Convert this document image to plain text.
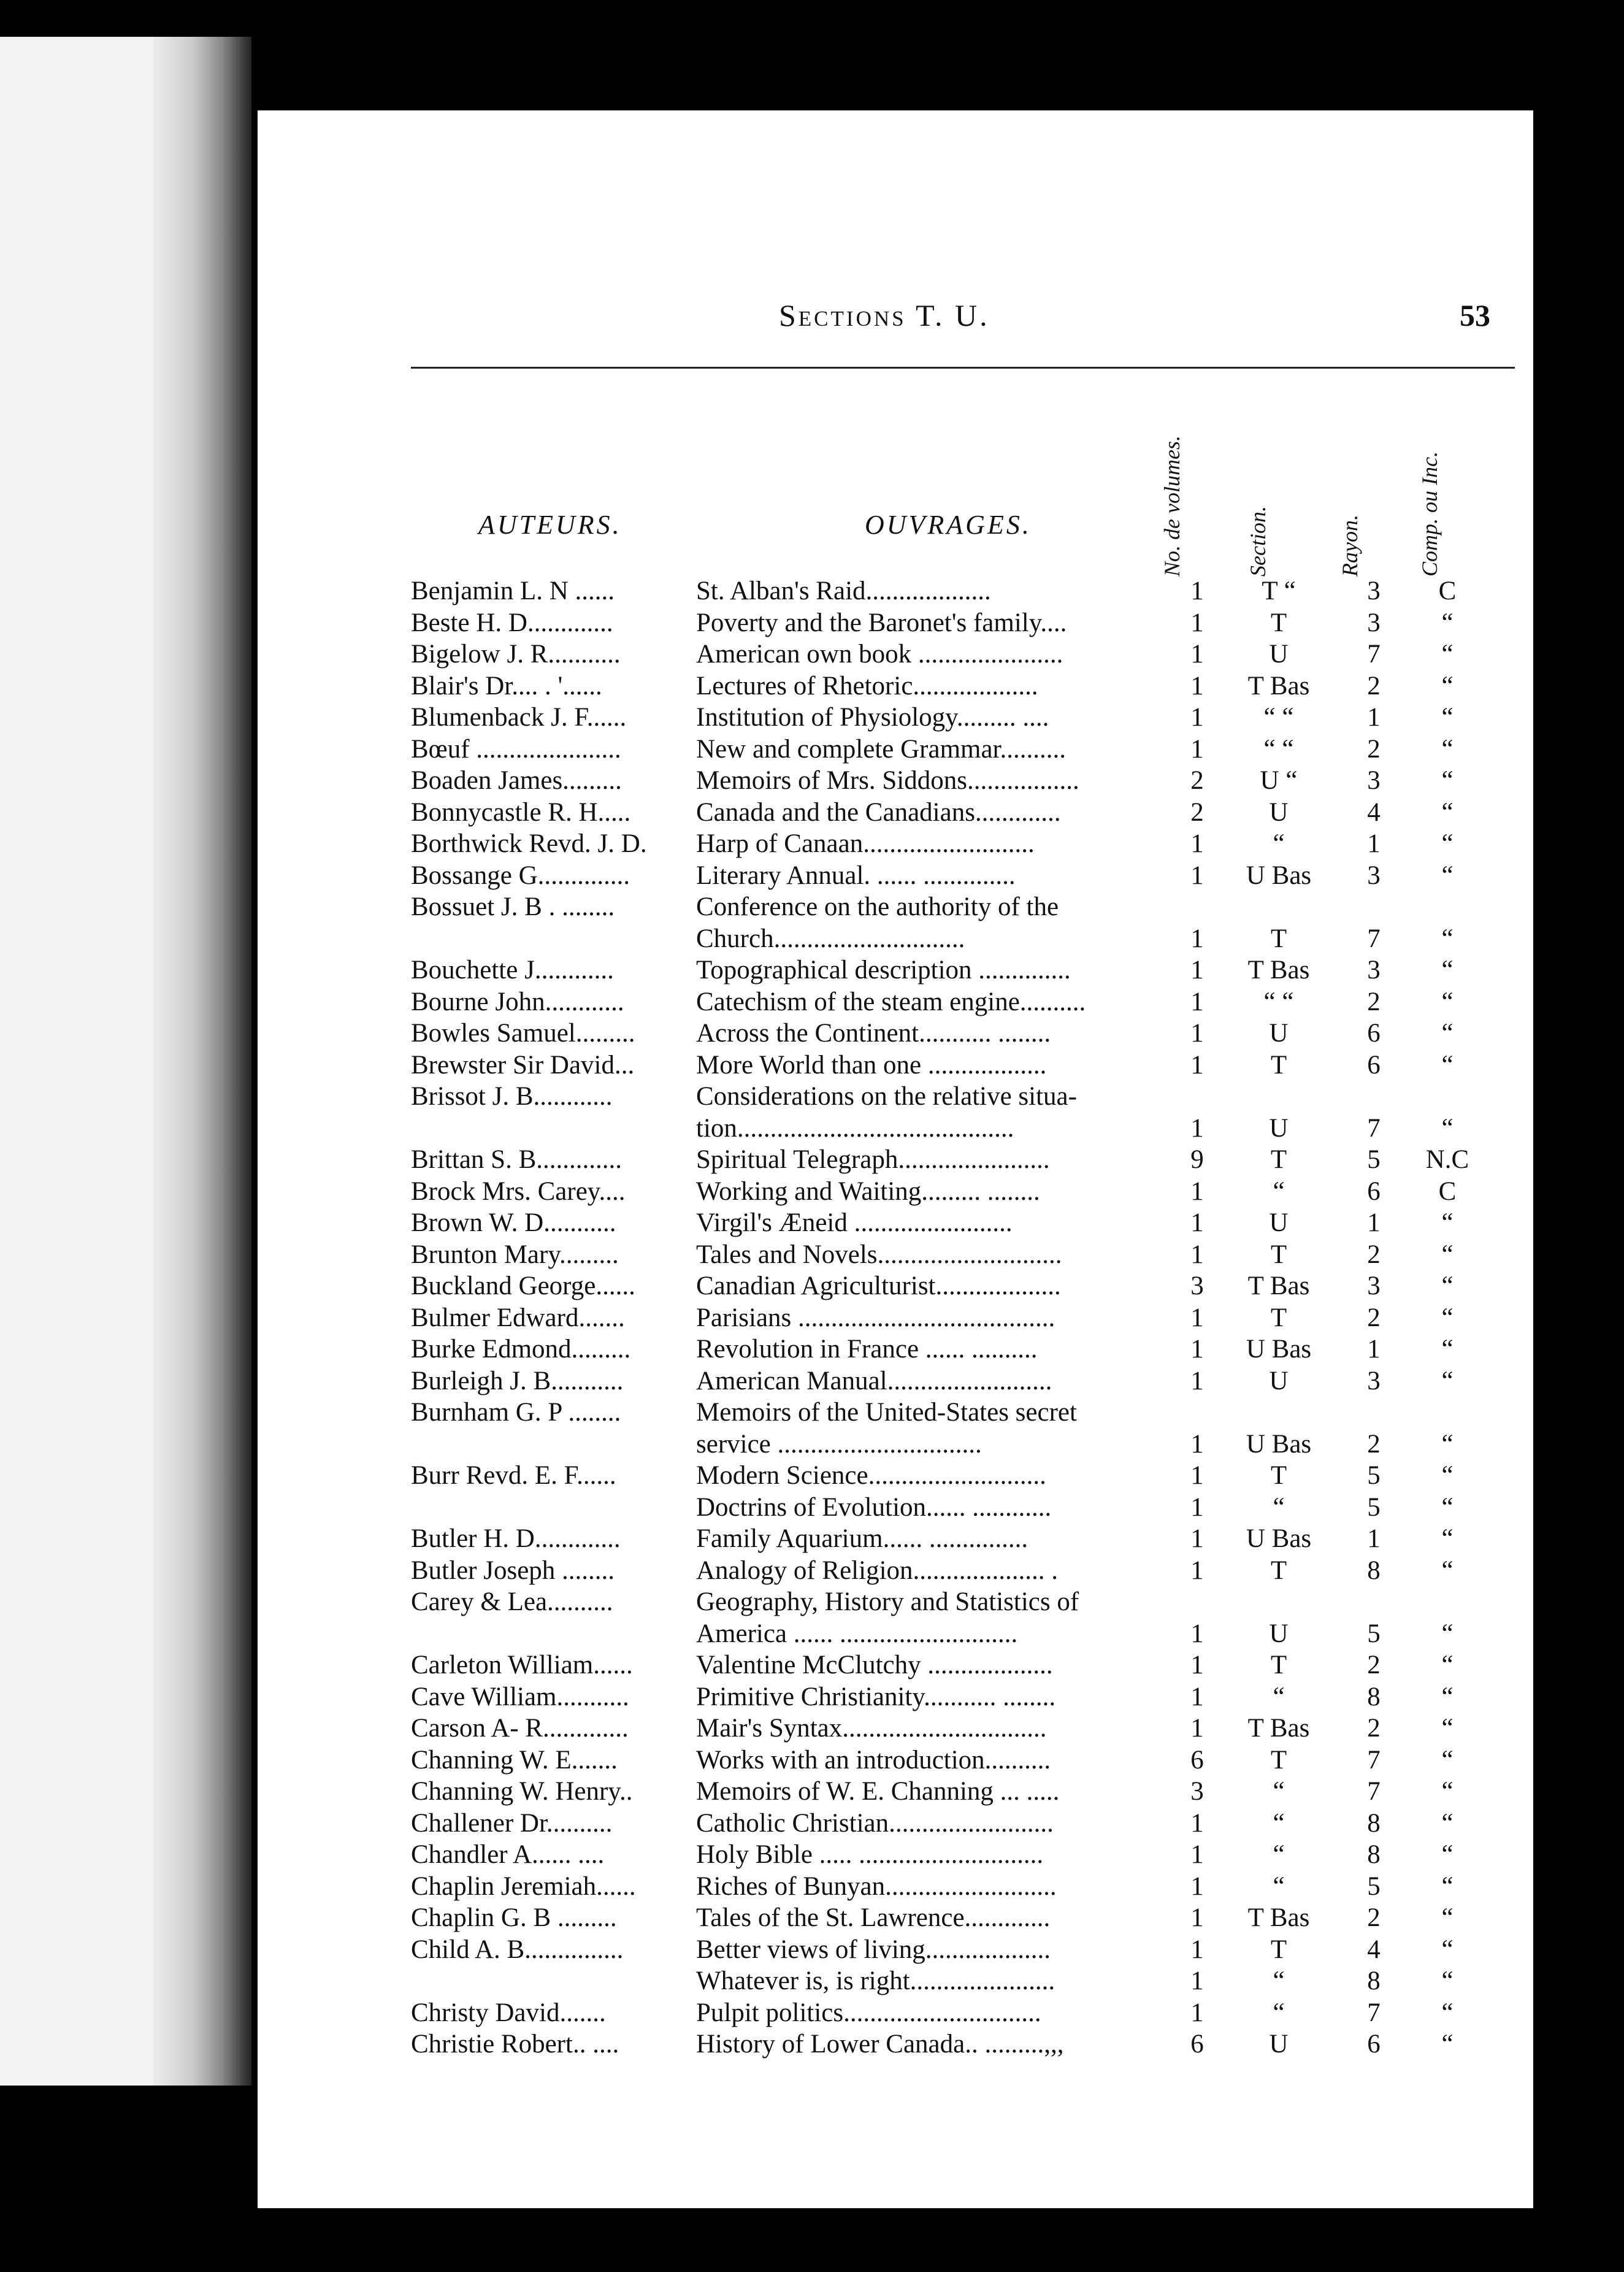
Sections T. U.	53
AUTEURS.	OUVRAGES.	No. de volumes.	Section.	Rayon.	Comp. ou Inc.
Benjamin L. N ......	St. Alban's Raid...................	1	T “	3	C
Beste H. D.............	Poverty and the Baronet's family....	1	T	3	“
Bigelow J. R...........	American own book ......................	1	U	7	“
Blair's Dr.... . '......	Lectures of Rhetoric...................	1	T Bas	2	“
Blumenback J. F......	Institution of Physiology......... ....	1	“ “	1	“
Bœuf ......................	New and complete Grammar..........	1	“ “	2	“
Boaden James.........	Memoirs of Mrs. Siddons.................	2	U “	3	“
Bonnycastle R. H.....	Canada and the Canadians.............	2	U	4	“
Borthwick Revd. J. D.	Harp of Canaan..........................	1	“	1	“
Bossange G..............	Literary Annual. ...... ..............	1	U Bas	3	“
Bossuet J. B . ........	Conference on the authority of the
Church.............................	1	T	7	“
Bouchette J............	Topographical description ..............	1	T Bas	3	“
Bourne John............	Catechism of the steam engine..........	1	“ “	2	“
Bowles Samuel.........	Across the Continent........... ........	1	U	6	“
Brewster Sir David...	More World than one ..................	1	T	6	“
Brissot J. B............	Considerations on the relative situa-
tion..........................................	1	U	7	“
Brittan S. B.............	Spiritual Telegraph.......................	9	T	5	N.C
Brock Mrs. Carey....	Working and Waiting......... ........	1	“	6	C
Brown W. D...........	Virgil's Æneid ........................	1	U	1	“
Brunton Mary.........	Tales and Novels............................	1	T	2	“
Buckland George......	Canadian Agriculturist...................	3	T Bas	3	“
Bulmer Edward.......	Parisians .......................................	1	T	2	“
Burke Edmond.........	Revolution in France ...... ..........	1	U Bas	1	“
Burleigh J. B...........	American Manual.........................	1	U	3	“
Burnham G. P ........	Memoirs of the United-States secret
service ...............................	1	U Bas	2	“
Burr Revd. E. F......	Modern Science...........................	1	T	5	“
Doctrins of Evolution...... ............	1	“	5	“
Butler H. D.............	Family Aquarium...... ...............	1	U Bas	1	“
Butler Joseph ........	Analogy of Religion.................... .	1	T	8	“
Carey & Lea..........	Geography, History and Statistics of
America ...... ...........................	1	U	5	“
Carleton William......	Valentine McClutchy ...................	1	T	2	“
Cave William...........	Primitive Christianity........... ........	1	“	8	“
Carson A- R.............	Mair's Syntax...............................	1	T Bas	2	“
Channing W. E.......	Works with an introduction..........	6	T	7	“
Channing W. Henry..	Memoirs of W. E. Channing ... .....	3	“	7	“
Challener Dr..........	Catholic Christian.........................	1	“	8	“
Chandler A...... ....	Holy Bible ..... ............................	1	“	8	“
Chaplin Jeremiah......	Riches of Bunyan..........................	1	“	5	“
Chaplin G. B .........	Tales of the St. Lawrence.............	1	T Bas	2	“
Child A. B...............	Better views of living...................	1	T	4	“
Whatever is, is right......................	1	“	8	“
Christy David.......	Pulpit politics..............................	1	“	7	“
Christie Robert.. ....	History of Lower Canada.. .........,,,	6	U	6	“
